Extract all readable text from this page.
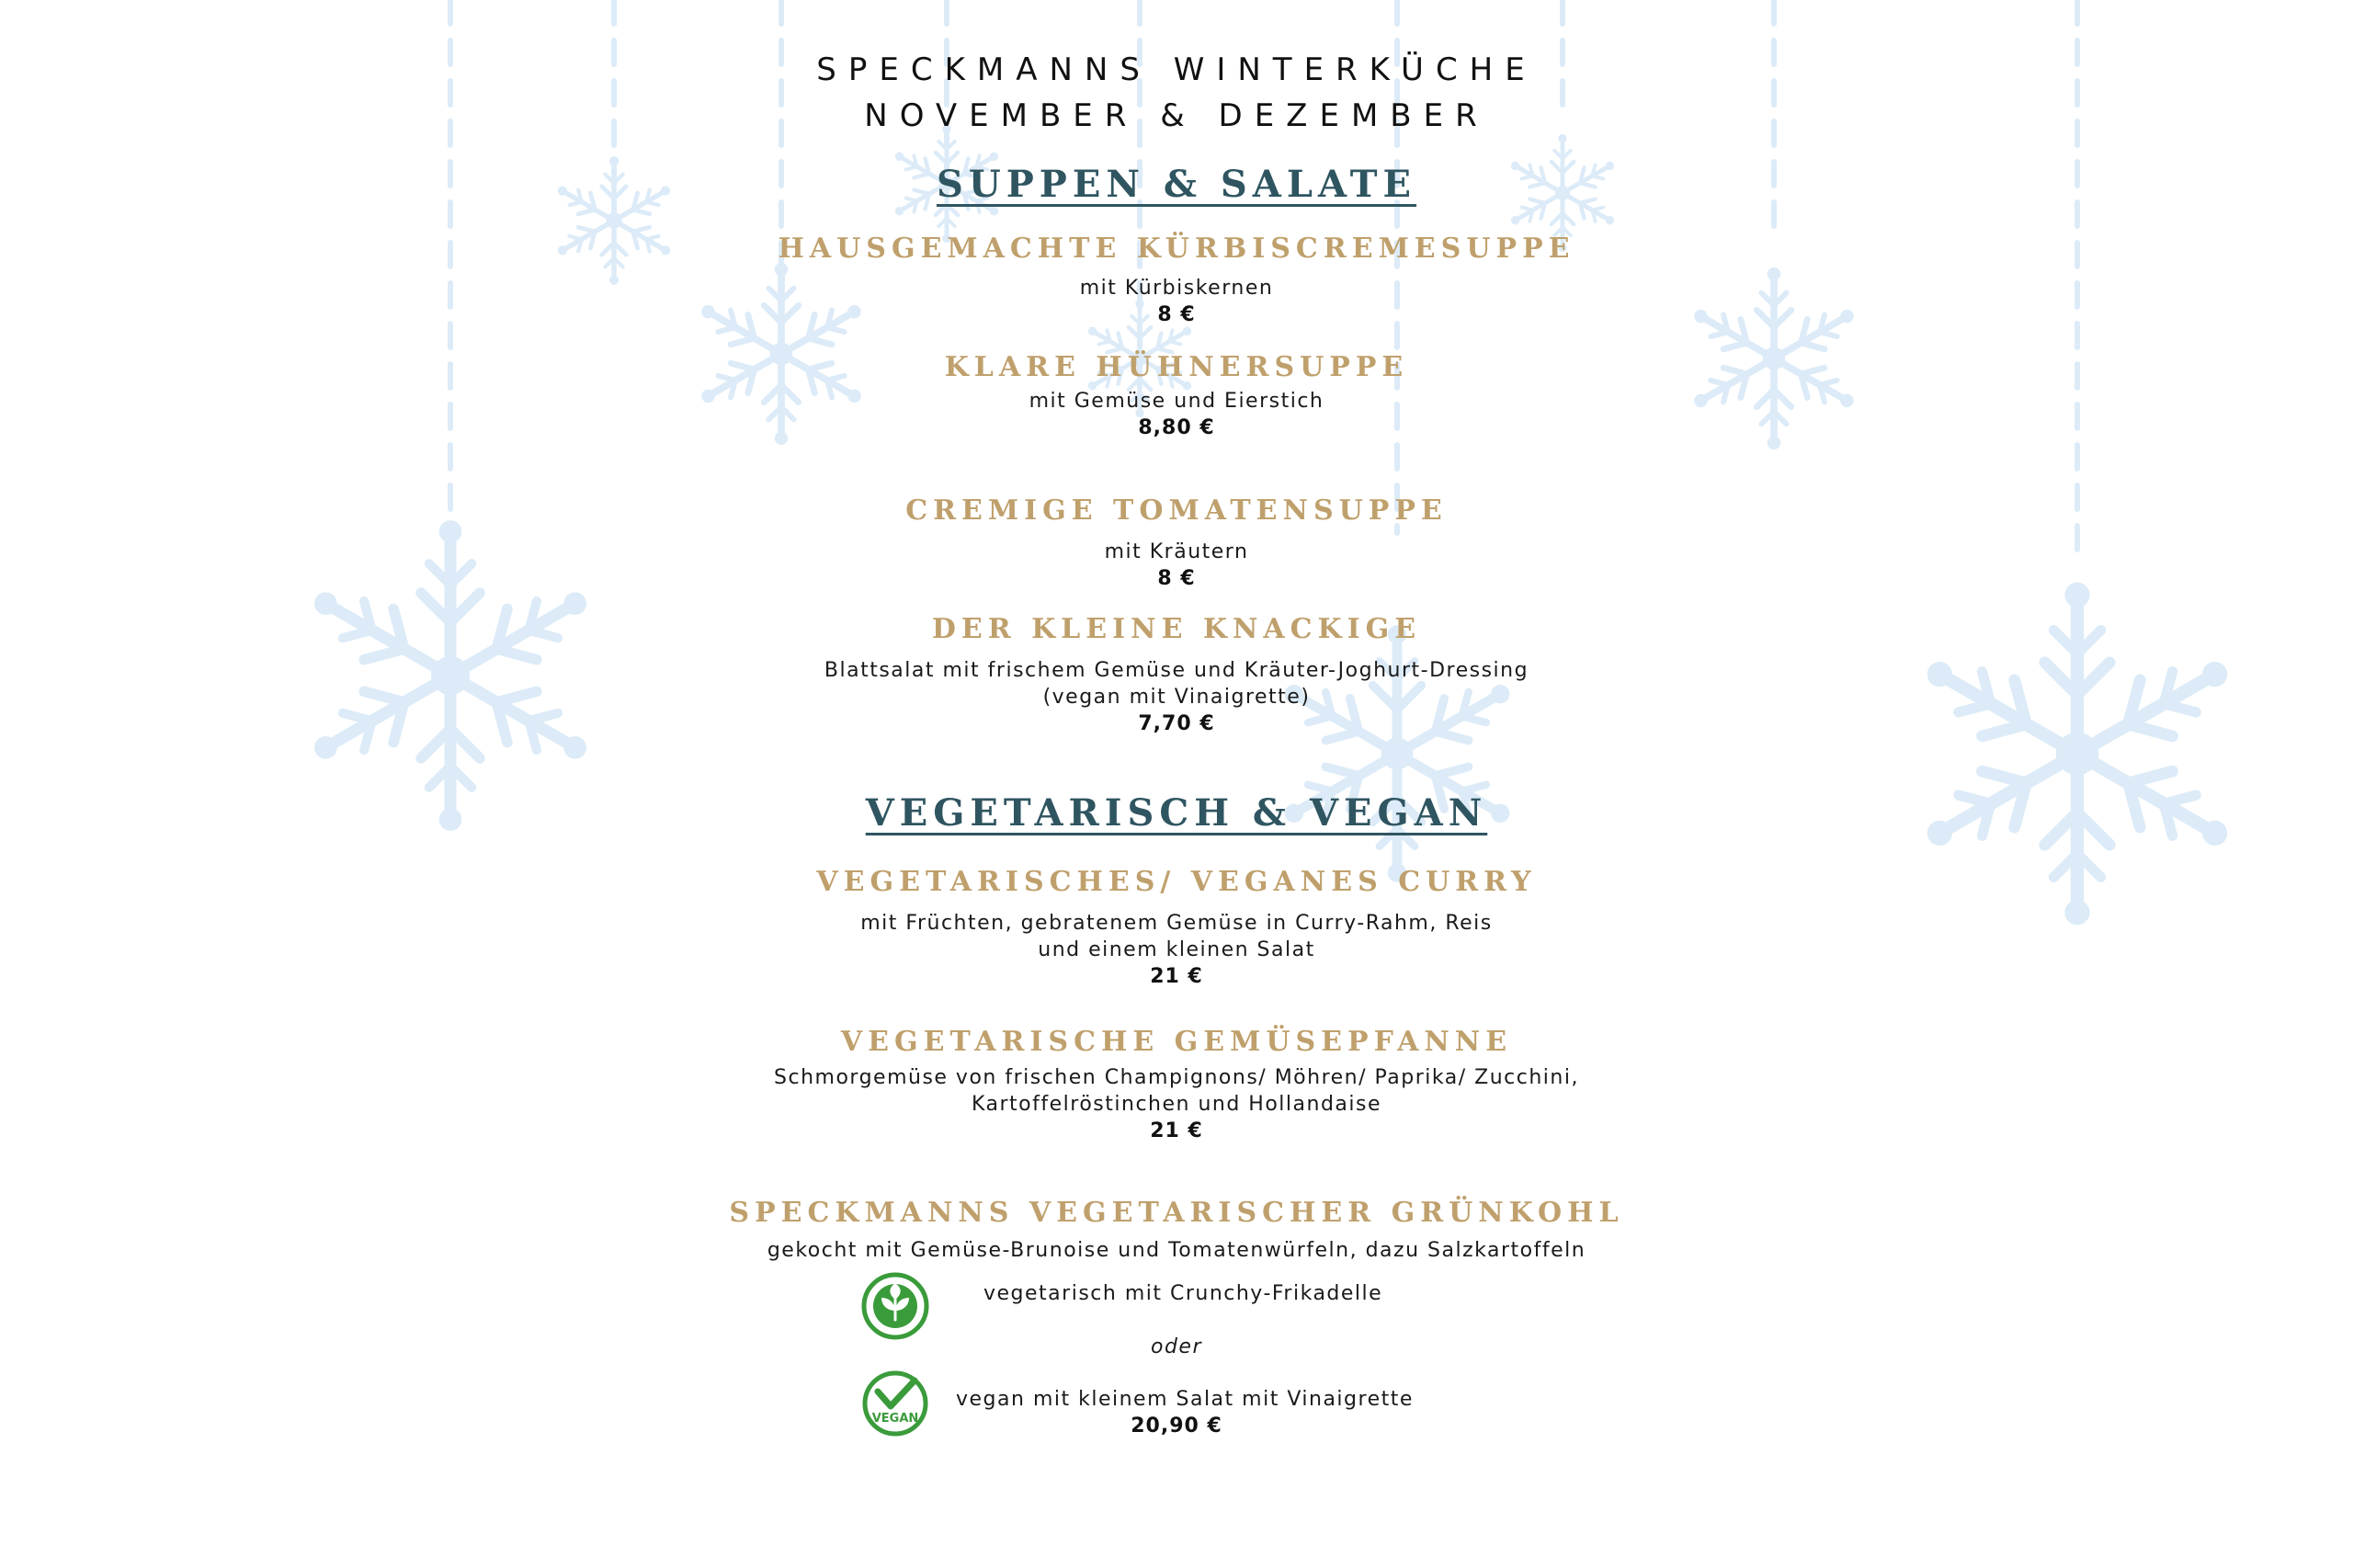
SPECKMANNS WINTERKÜCHE
NOVEMBER & DEZEMBER
SUPPEN & SALATE
HAUSGEMACHTE KÜRBISCREMESUPPE
mit Kürbiskernen
8 €
KLARE HÜHNERSUPPE
mit Gemüse und Eierstich
8,80 €
CREMIGE TOMATENSUPPE
mit Kräutern
8 €
DER KLEINE KNACKIGE
Blattsalat mit frischem Gemüse und Kräuter-Joghurt-Dressing
(vegan mit Vinaigrette)
7,70 €
VEGETARISCH & VEGAN
VEGETARISCHES/ VEGANES CURRY
mit Früchten, gebratenem Gemüse in Curry-Rahm, Reis
und einem kleinen Salat
21 €
VEGETARISCHE GEMÜSEPFANNE
Schmorgemüse von frischen Champignons/ Möhren/ Paprika/ Zucchini,
Kartoffelröstinchen und Hollandaise
21 €
SPECKMANNS VEGETARISCHER GRÜNKOHL
gekocht mit Gemüse-Brunoise und Tomatenwürfeln, dazu Salzkartoffeln
vegetarisch mit Crunchy-Frikadelle
oder
VEGAN
vegan mit kleinem Salat mit Vinaigrette
20,90 €
